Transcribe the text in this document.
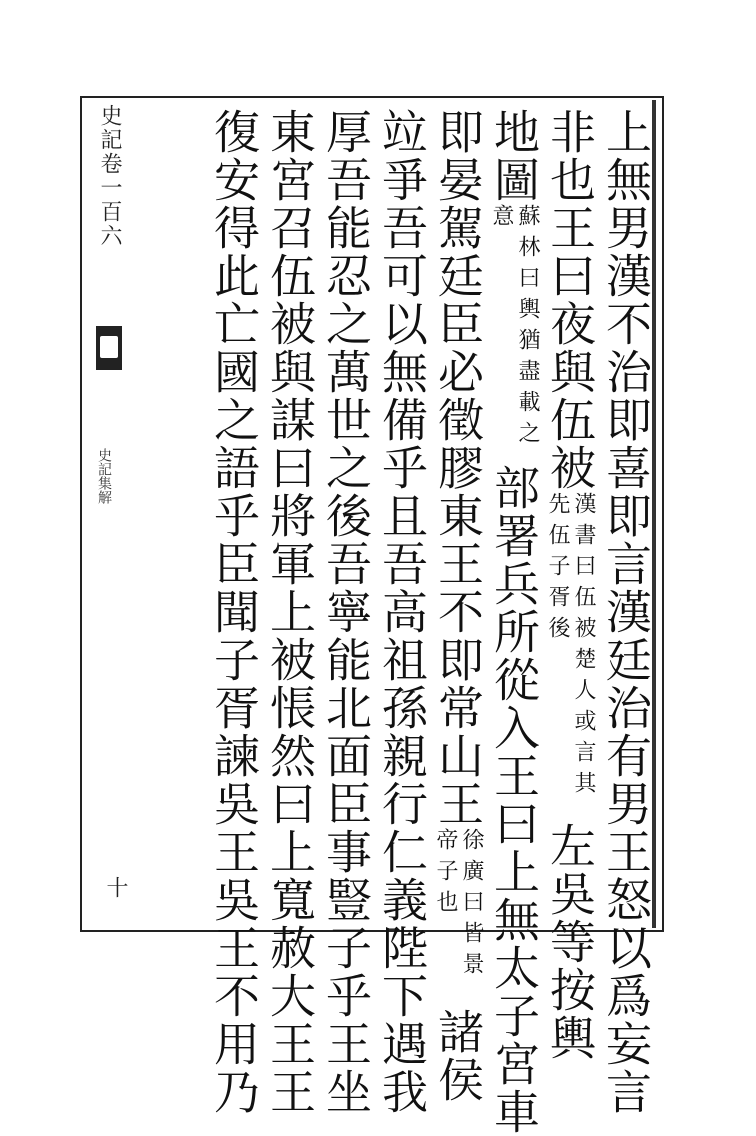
史記卷一百六
史記集解
十	上無男漢不治即喜即言漢廷治有男王怒以爲妄言
非也王曰夜與伍被漢書曰伍被楚人或言其先伍子胥後左吳等按輿
地圖蘇林曰輿猶盡載之意部署兵所從入王曰上無太子宮車
即晏駕廷臣必徵膠東王不即常山王徐廣曰皆景帝子也諸侯
竝爭吾可以無備乎且吾高祖孫親行仁義陛下遇我
厚吾能忍之萬世之後吾寧能北面臣事豎子乎王坐
東宮召伍被與謀曰將軍上被悵然曰上寬赦大王王
復安得此亡國之語乎臣聞子胥諫吳王吳王不用乃
